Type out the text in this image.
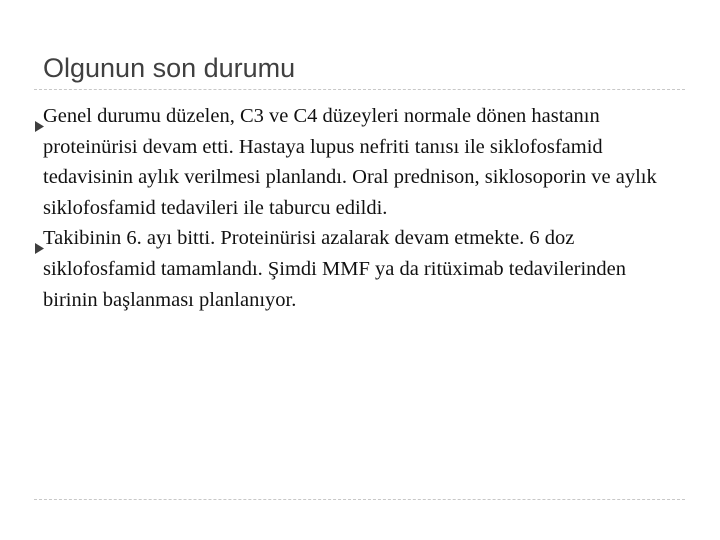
Olgunun son durumu

Genel durumu düzelen, C3 ve C4 düzeyleri normale dönen hastanın proteinürisi devam etti. Hastaya lupus nefriti tanısı ile siklofosfamid tedavisinin aylık verilmesi planlandı. Oral prednison, siklosoporin ve aylık siklofosfamid tedavileri ile taburcu edildi.

Takibinin 6. ayı bitti. Proteinürisi azalarak devam etmekte. 6 doz siklofosfamid tamamlandı. Şimdi MMF ya da ritüximab tedavilerinden birinin başlanması planlanıyor.
